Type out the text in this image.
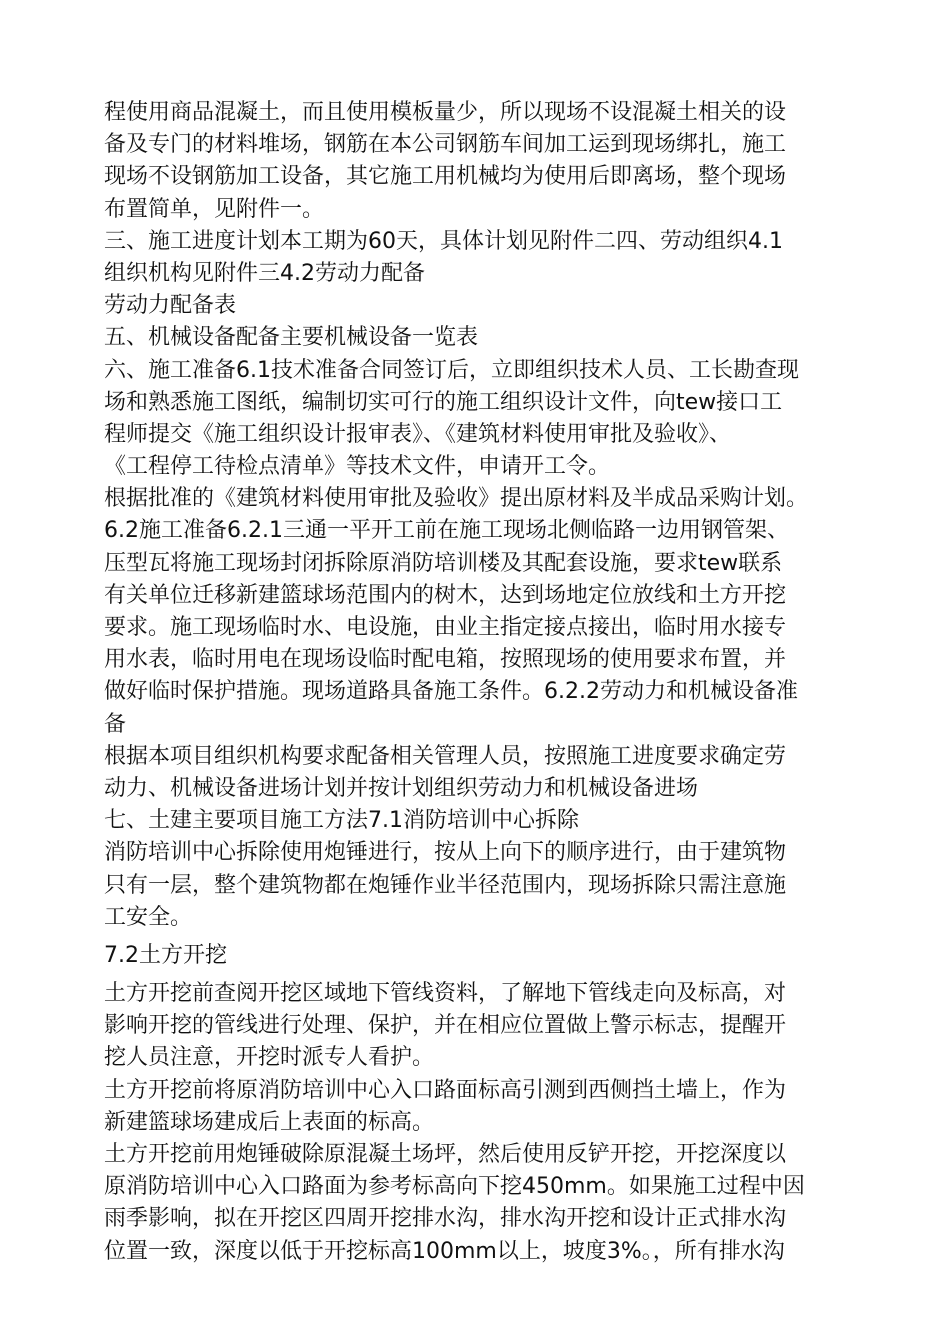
程使用商品混凝土，而且使用模板量少，所以现场不设混凝土相关的设
备及专门的材料堆场，钢筋在本公司钢筋车间加工运到现场绑扎，施工
现场不设钢筋加工设备，其它施工用机械均为使用后即离场，整个现场
布置简单，见附件一。
三、施工进度计划本工期为60天，具体计划见附件二四、劳动组织4.1
组织机构见附件三4.2劳动力配备
劳动力配备表
五、机械设备配备主要机械设备一览表
六、施工准备6.1技术准备合同签订后，立即组织技术人员、工长勘查现
场和熟悉施工图纸，编制切实可行的施工组织设计文件，向tew接口工
程师提交《施工组织设计报审表》、《建筑材料使用审批及验收》、
《工程停工待检点清单》等技术文件，申请开工令。
根据批准的《建筑材料使用审批及验收》提出原材料及半成品采购计划。
6.2施工准备6.2.1三通一平开工前在施工现场北侧临路一边用钢管架、
压型瓦将施工现场封闭拆除原消防培训楼及其配套设施，要求tew联系
有关单位迁移新建篮球场范围内的树木，达到场地定位放线和土方开挖
要求。施工现场临时水、电设施，由业主指定接点接出，临时用水接专
用水表，临时用电在现场设临时配电箱，按照现场的使用要求布置，并
做好临时保护措施。现场道路具备施工条件。6.2.2劳动力和机械设备准
备
根据本项目组织机构要求配备相关管理人员，按照施工进度要求确定劳
动力、机械设备进场计划并按计划组织劳动力和机械设备进场
七、土建主要项目施工方法7.1消防培训中心拆除
消防培训中心拆除使用炮锤进行，按从上向下的顺序进行，由于建筑物
只有一层，整个建筑物都在炮锤作业半径范围内，现场拆除只需注意施
工安全。
7.2土方开挖
土方开挖前查阅开挖区域地下管线资料，了解地下管线走向及标高，对
影响开挖的管线进行处理、保护，并在相应位置做上警示标志，提醒开
挖人员注意，开挖时派专人看护。
土方开挖前将原消防培训中心入口路面标高引测到西侧挡土墙上，作为
新建篮球场建成后上表面的标高。
土方开挖前用炮锤破除原混凝土场坪，然后使用反铲开挖，开挖深度以
原消防培训中心入口路面为参考标高向下挖450mm。如果施工过程中因
雨季影响，拟在开挖区四周开挖排水沟，排水沟开挖和设计正式排水沟
位置一致，深度以低于开挖标高100mm以上，坡度3%。，所有排水沟
